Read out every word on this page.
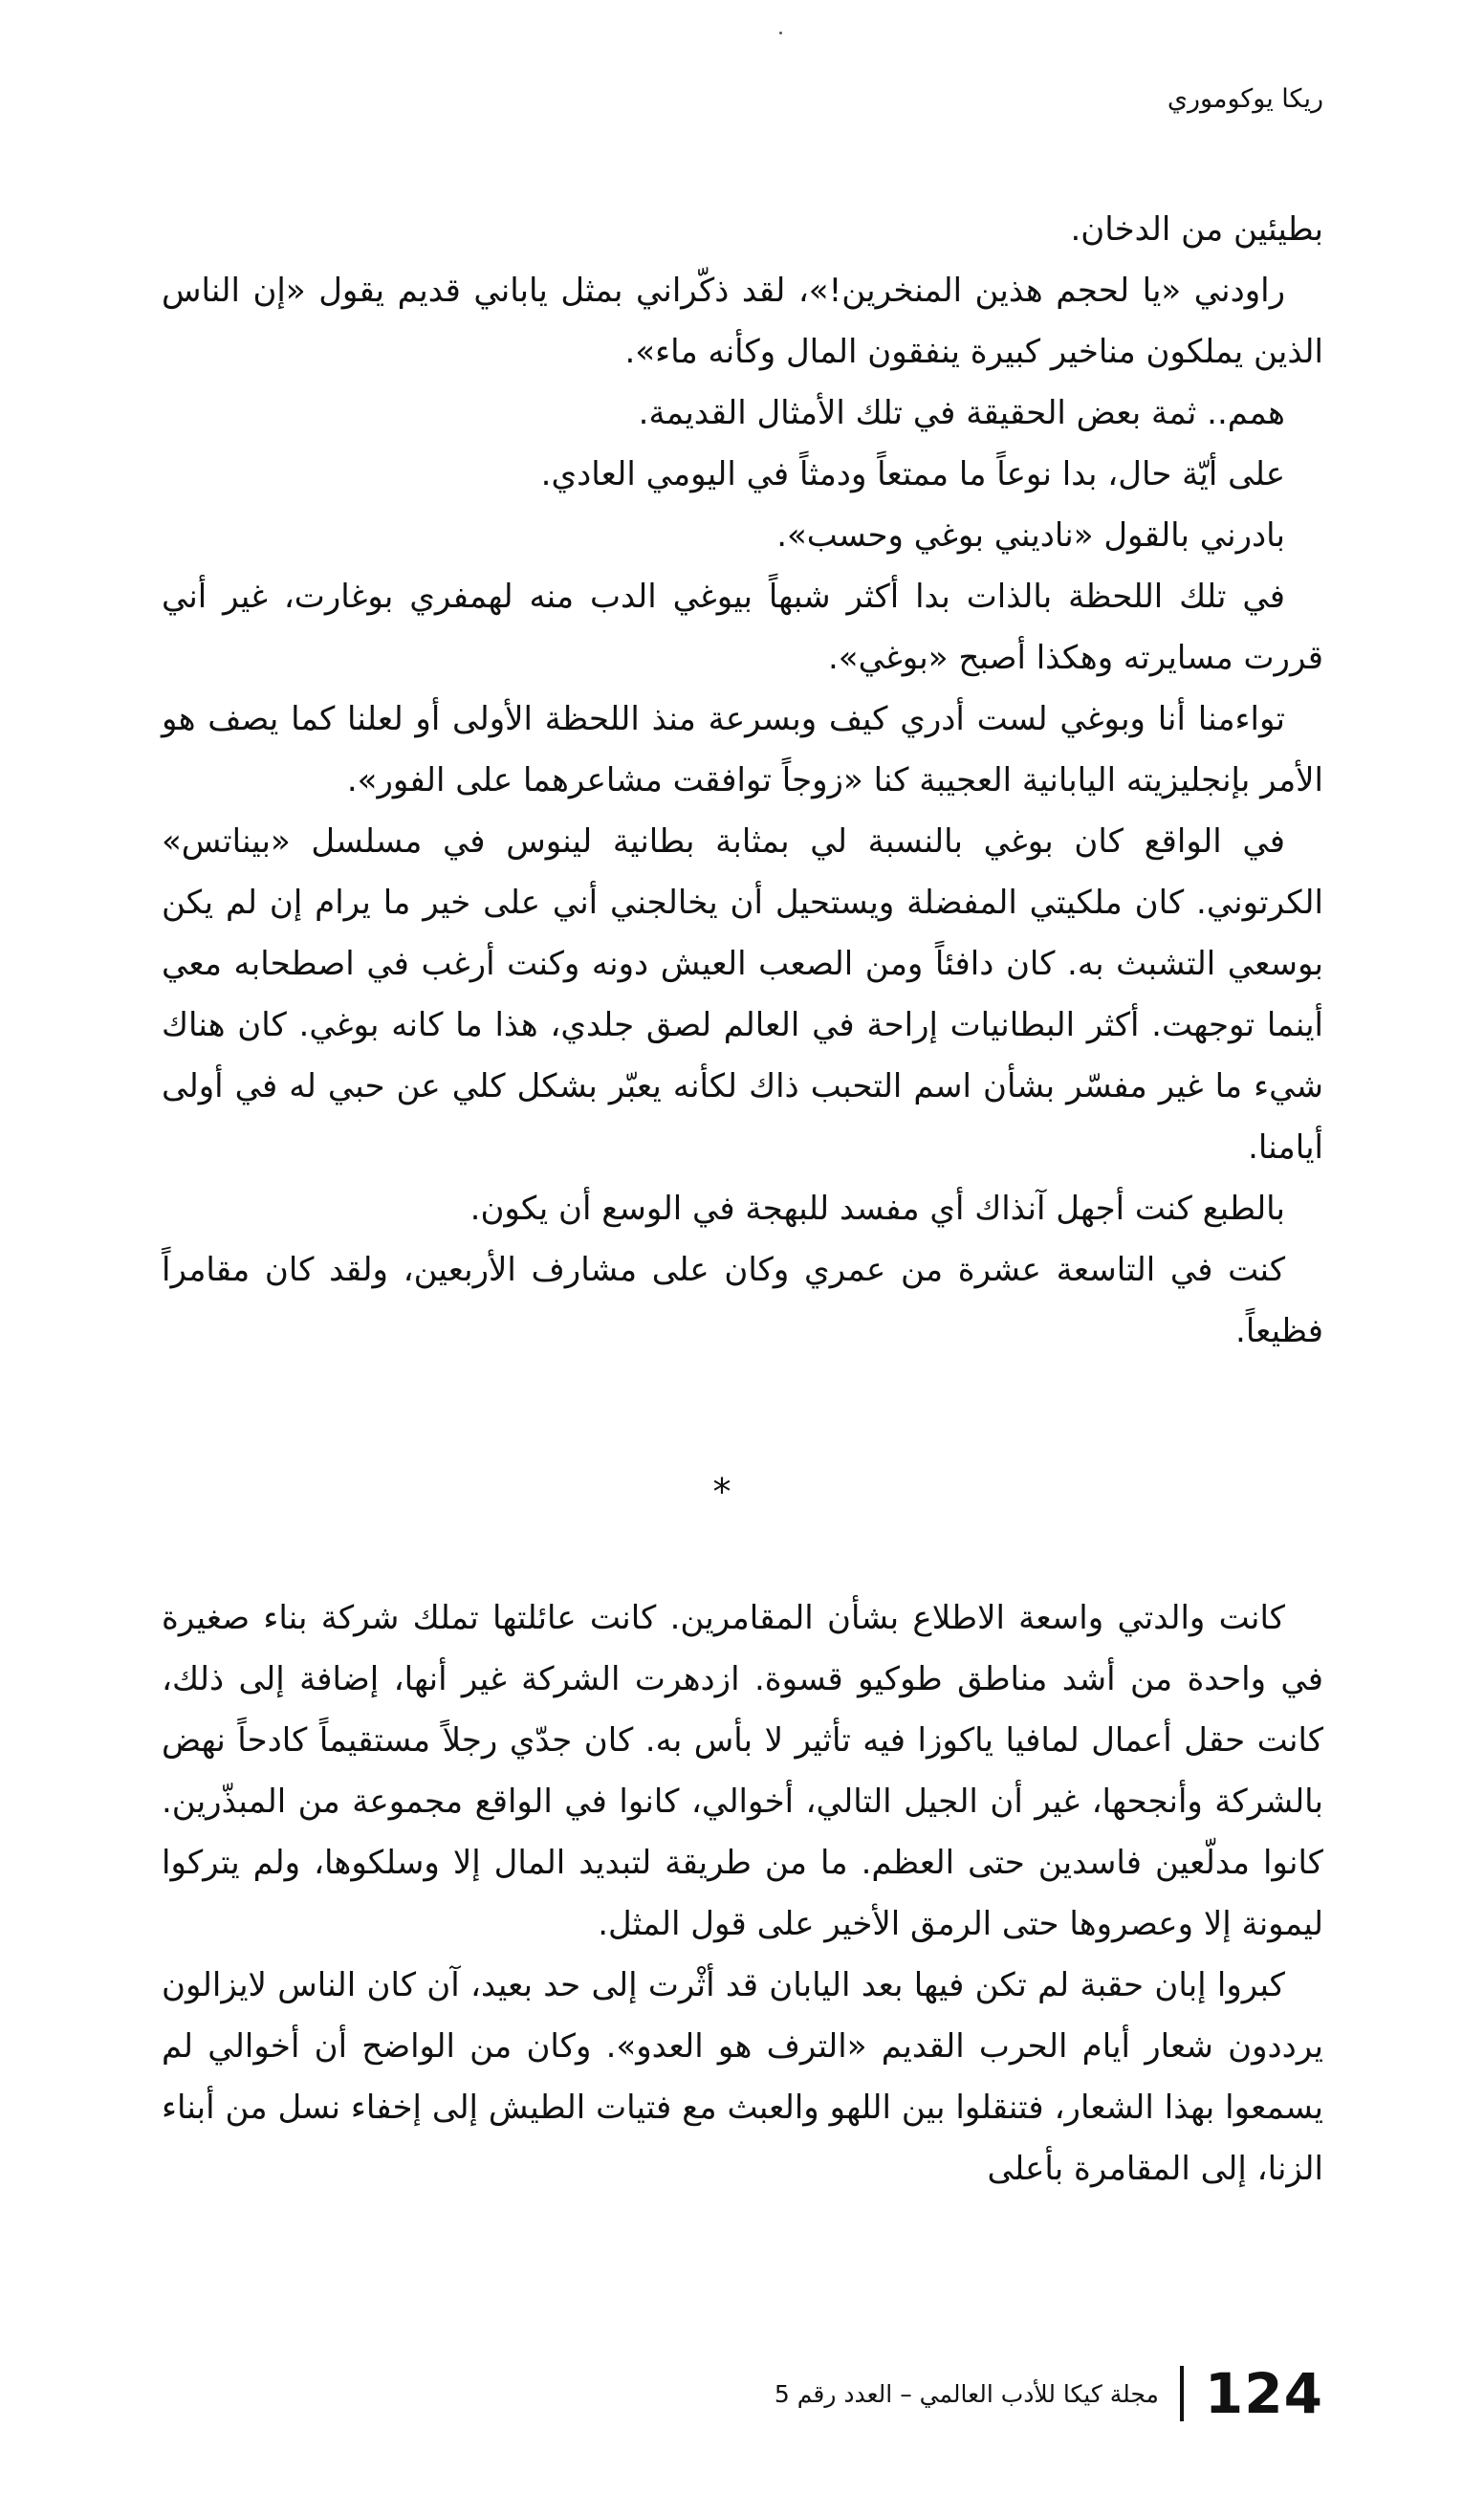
ريكا يوكوموري

بطيئين من الدخان.

راودني «يا لحجم هذين المنخرين!»، لقد ذكّراني بمثل ياباني قديم يقول «إن الناس الذين يملكون مناخير كبيرة ينفقون المال وكأنه ماء».

همم.. ثمة بعض الحقيقة في تلك الأمثال القديمة.

على أيّة حال، بدا نوعاً ما ممتعاً ودمثاً في اليومي العادي.

بادرني بالقول «ناديني بوغي وحسب».

في تلك اللحظة بالذات بدا أكثر شبهاً بيوغي الدب منه لهمفري بوغارت، غير أني قررت مسايرته وهكذا أصبح «بوغي».

تواءمنا أنا وبوغي لست أدري كيف وبسرعة منذ اللحظة الأولى أو لعلنا كما يصف هو الأمر بإنجليزيته اليابانية العجيبة كنا «زوجاً توافقت مشاعرهما على الفور».

في الواقع كان بوغي بالنسبة لي بمثابة بطانية لينوس في مسلسل «بيناتس» الكرتوني. كان ملكيتي المفضلة ويستحيل أن يخالجني أني على خير ما يرام إن لم يكن بوسعي التشبث به. كان دافئاً ومن الصعب العيش دونه وكنت أرغب في اصطحابه معي أينما توجهت. أكثر البطانيات إراحة في العالم لصق جلدي، هذا ما كانه بوغي. كان هناك شيء ما غير مفسّر بشأن اسم التحبب ذاك لكأنه يعبّر بشكل كلي عن حبي له في أولى أيامنا.

بالطبع كنت أجهل آنذاك أي مفسد للبهجة في الوسع أن يكون.

كنت في التاسعة عشرة من عمري وكان على مشارف الأربعين، ولقد كان مقامراً فظيعاً.

*

كانت والدتي واسعة الاطلاع بشأن المقامرين. كانت عائلتها تملك شركة بناء صغيرة في واحدة من أشد مناطق طوكيو قسوة. ازدهرت الشركة غير أنها، إضافة إلى ذلك، كانت حقل أعمال لمافيا ياكوزا فيه تأثير لا بأس به. كان جدّي رجلاً مستقيماً كادحاً نهض بالشركة وأنجحها، غير أن الجيل التالي، أخوالي، كانوا في الواقع مجموعة من المبذّرين. كانوا مدلّعين فاسدين حتى العظم. ما من طريقة لتبديد المال إلا وسلكوها، ولم يتركوا ليمونة إلا وعصروها حتى الرمق الأخير على قول المثل.

كبروا إبان حقبة لم تكن فيها بعد اليابان قد أثْرت إلى حد بعيد، آن كان الناس لايزالون يرددون شعار أيام الحرب القديم «الترف هو العدو». وكان من الواضح أن أخوالي لم يسمعوا بهذا الشعار، فتنقلوا بين اللهو والعبث مع فتيات الطيش إلى إخفاء نسل من أبناء الزنا، إلى المقامرة بأعلى

124
مجلة كيكا للأدب العالمي – العدد رقم 5
